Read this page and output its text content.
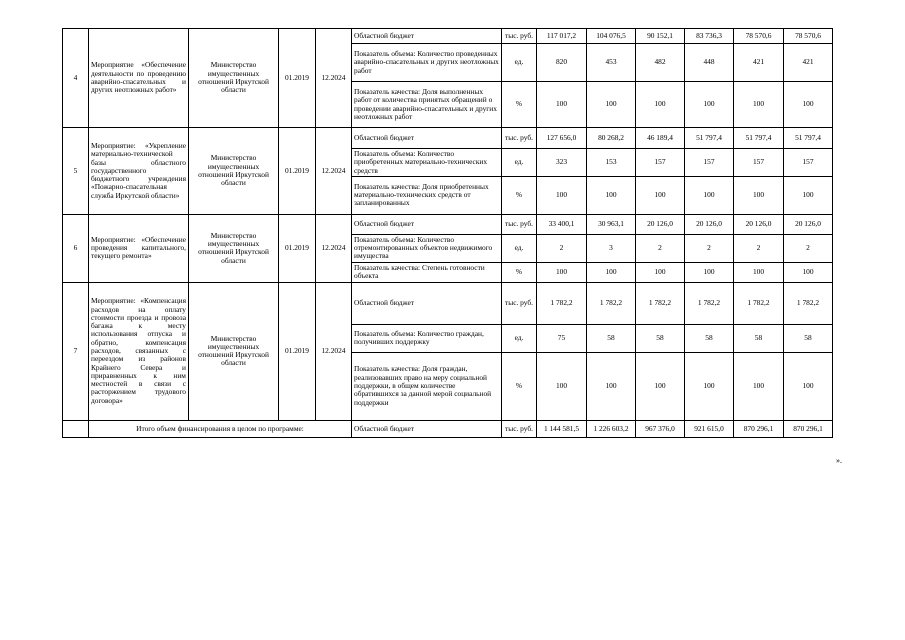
4	Мероприятие «Обеспечение деятельности по проведению аварийно-спасательных и других неотложных работ»	Министерство имущественных отношений Иркутской области	01.2019	12.2024	Областной бюджет	тыс. руб.	117 017,2	104 076,5	90 152,1	83 736,3	78 570,6	78 570,6
					Показатель объема: Количество проведенных аварийно-спасательных и других неотложных работ	ед.	820	453	482	448	421	421
					Показатель качества: Доля выполненных работ от количества принятых обращений о проведении аварийно-спасательных и других неотложных работ	%	100	100	100	100	100	100
5	Мероприятие: «Укрепление материально-технической базы областного государственного бюджетного учреждения «Пожарно-спасательная служба Иркутской области»	Министерство имущественных отношений Иркутской области	01.2019	12.2024	Областной бюджет	тыс. руб.	127 656,0	80 268,2	46 189,4	51 797,4	51 797,4	51 797,4
					Показатель объема: Количество приобретенных материально-технических средств	ед.	323	153	157	157	157	157
					Показатель качества: Доля приобретенных материально-технических средств от запланированных	%	100	100	100	100	100	100
6	Мероприятие: «Обеспечение проведения капитального, текущего ремонта»	Министерство имущественных отношений Иркутской области	01.2019	12.2024	Областной бюджет	тыс. руб.	33 400,1	30 963,1	20 126,0	20 126,0	20 126,0	20 126,0
					Показатель объема: Количество отремонтированных объектов недвижимого имущества	ед.	2	3	2	2	2	2
					Показатель качества: Степень готовности объекта	%	100	100	100	100	100	100
7	Мероприятие: «Компенсация расходов на оплату стоимости проезда и провоза багажа к месту использования отпуска и обратно, компенсация расходов, связанных с переездом из районов Крайнего Севера и приравненных к ним местностей в связи с расторжением трудового договора»	Министерство имущественных отношений Иркутской области	01.2019	12.2024	Областной бюджет	тыс. руб.	1 782,2	1 782,2	1 782,2	1 782,2	1 782,2	1 782,2
					Показатель объема: Количество граждан, получивших поддержку	ед.	75	58	58	58	58	58
					Показатель качества: Доля граждан, реализовавших право на меру социальной поддержки, в общем количестве обратившихся за данной мерой социальной поддержки	%	100	100	100	100	100	100
	Итого объем финансирования в целом по программе:				Областной бюджет	тыс. руб.	1 144 581,5	1 226 603,2	967 376,0	921 615,0	870 296,1	870 296,1
».
